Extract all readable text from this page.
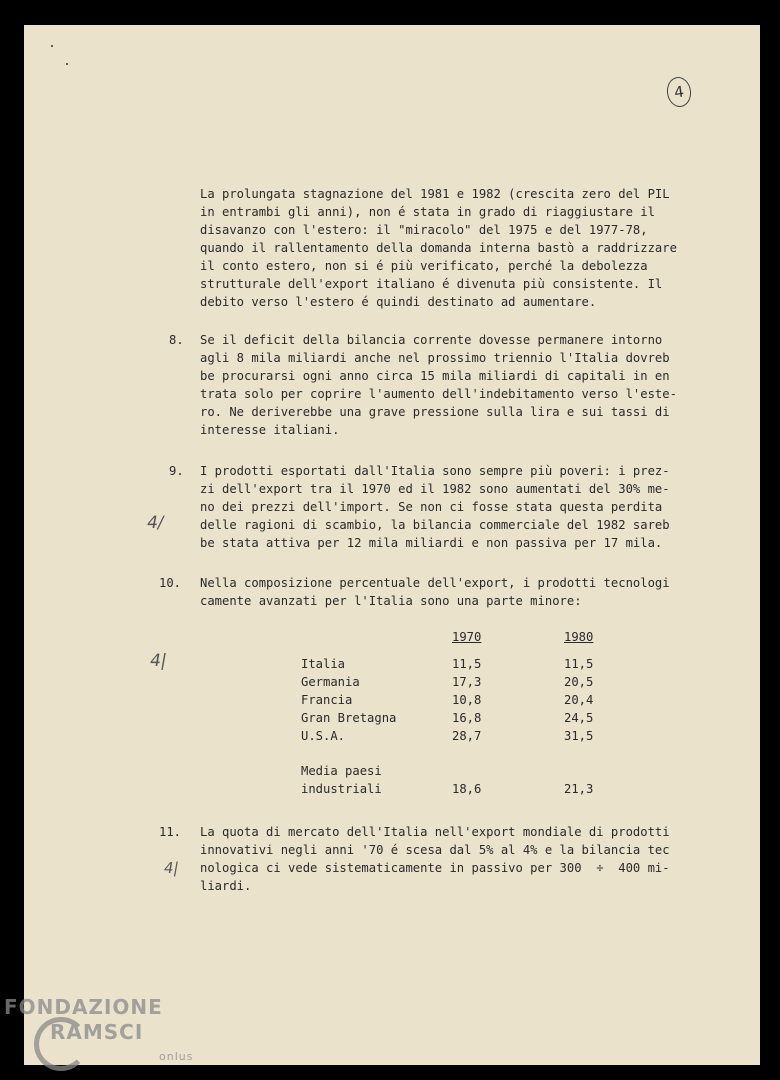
4
La prolungata stagnazione del 1981 e 1982 (crescita zero del PIL
in entrambi gli anni), non é stata in grado di riaggiustare il
disavanzo con l'estero: il "miracolo" del 1975 e del 1977-78,
quando il rallentamento della domanda interna bastò a raddrizzare
il conto estero, non si é più verificato, perché la debolezza
strutturale dell'export italiano é divenuta più consistente. Il
debito verso l'estero é quindi destinato ad aumentare.
8. Se il deficit della bilancia corrente dovesse permanere intorno
agli 8 mila miliardi anche nel prossimo triennio l'Italia dovreb
be procurarsi ogni anno circa 15 mila miliardi di capitali in en
trata solo per coprire l'aumento dell'indebitamento verso l'este-
ro. Ne deriverebbe una grave pressione sulla lira e sui tassi di
interesse italiani.
9. I prodotti esportati dall'Italia sono sempre più poveri: i prez-
zi dell'export tra il 1970 ed il 1982 sono aumentati del 30% me-
no dei prezzi dell'import. Se non ci fosse stata questa perdita
delle ragioni di scambio, la bilancia commerciale del 1982 sareb
be stata attiva per 12 mila miliardi e non passiva per 17 mila.
4/
10. Nella composizione percentuale dell'export, i prodotti tecnologi
camente avanzati per l'Italia sono una parte minore:
4|
1970	1980
Italia	11,5	11,5
Germania	17,3	20,5
Francia	10,8	20,4
Gran Bretagna	16,8	24,5
U.S.A.	28,7	31,5
Media paesi
industriali	18,6	21,3
11. La quota di mercato dell'Italia nell'export mondiale di prodotti
innovativi negli anni '70 é scesa dal 5% al 4% e la bilancia tec
nologica ci vede sistematicamente in passivo per 300  ÷  400 mi-
liardi.
4|
FONDAZIONE
RAMSCI
onlus
